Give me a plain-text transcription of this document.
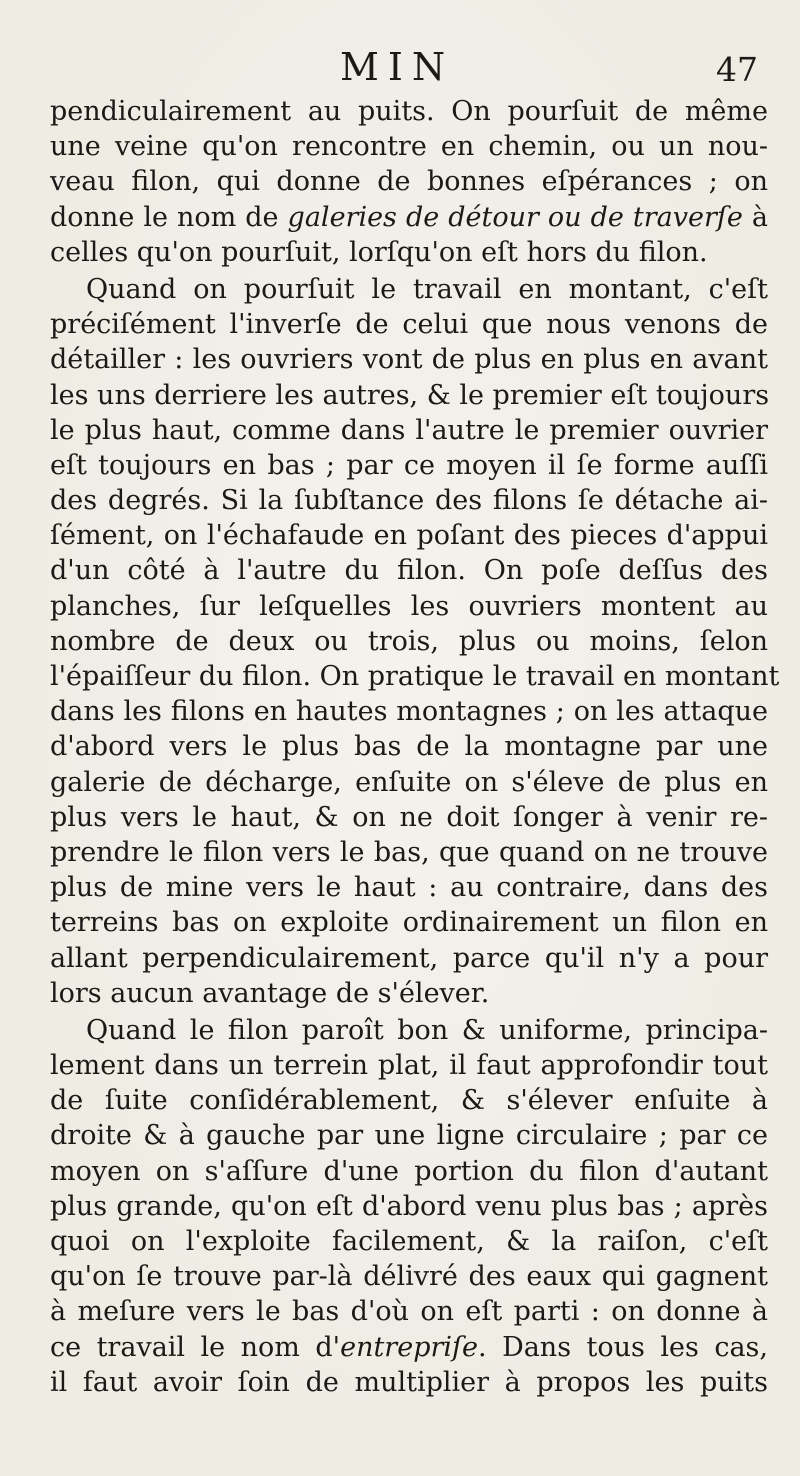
MIN	47
pendiculairement au puits. On pourſuit de même
une veine qu'on rencontre en chemin, ou un nou-
veau filon, qui donne de bonnes eſpérances ; on
donne le nom de galeries de détour ou de traverſe à
celles qu'on pourſuit, lorſqu'on eſt hors du filon.
Quand on pourſuit le travail en montant, c'eſt
préciſément l'inverſe de celui que nous venons de
détailler : les ouvriers vont de plus en plus en avant
les uns derriere les autres, & le premier eſt toujours
le plus haut, comme dans l'autre le premier ouvrier
eſt toujours en bas ; par ce moyen il ſe forme auſſi
des degrés. Si la ſubſtance des filons ſe détache ai-
ſément, on l'échafaude en poſant des pieces d'appui
d'un côté à l'autre du filon. On poſe deſſus des
planches, ſur leſquelles les ouvriers montent au
nombre de deux ou trois, plus ou moins, ſelon
l'épaiſſeur du filon. On pratique le travail en montant
dans les filons en hautes montagnes ; on les attaque
d'abord vers le plus bas de la montagne par une
galerie de décharge, enſuite on s'éleve de plus en
plus vers le haut, & on ne doit ſonger à venir re-
prendre le filon vers le bas, que quand on ne trouve
plus de mine vers le haut : au contraire, dans des
terreins bas on exploite ordinairement un filon en
allant perpendiculairement, parce qu'il n'y a pour
lors aucun avantage de s'élever.
Quand le filon paroît bon & uniforme, principa-
lement dans un terrein plat, il faut approfondir tout
de ſuite conſidérablement, & s'élever enſuite à
droite & à gauche par une ligne circulaire ; par ce
moyen on s'aſſure d'une portion du filon d'autant
plus grande, qu'on eſt d'abord venu plus bas ; après
quoi on l'exploite facilement, & la raiſon, c'eſt
qu'on ſe trouve par-là délivré des eaux qui gagnent
à meſure vers le bas d'où on eſt parti : on donne à
ce travail le nom d'entrepriſe. Dans tous les cas,
il faut avoir ſoin de multiplier à propos les puits
